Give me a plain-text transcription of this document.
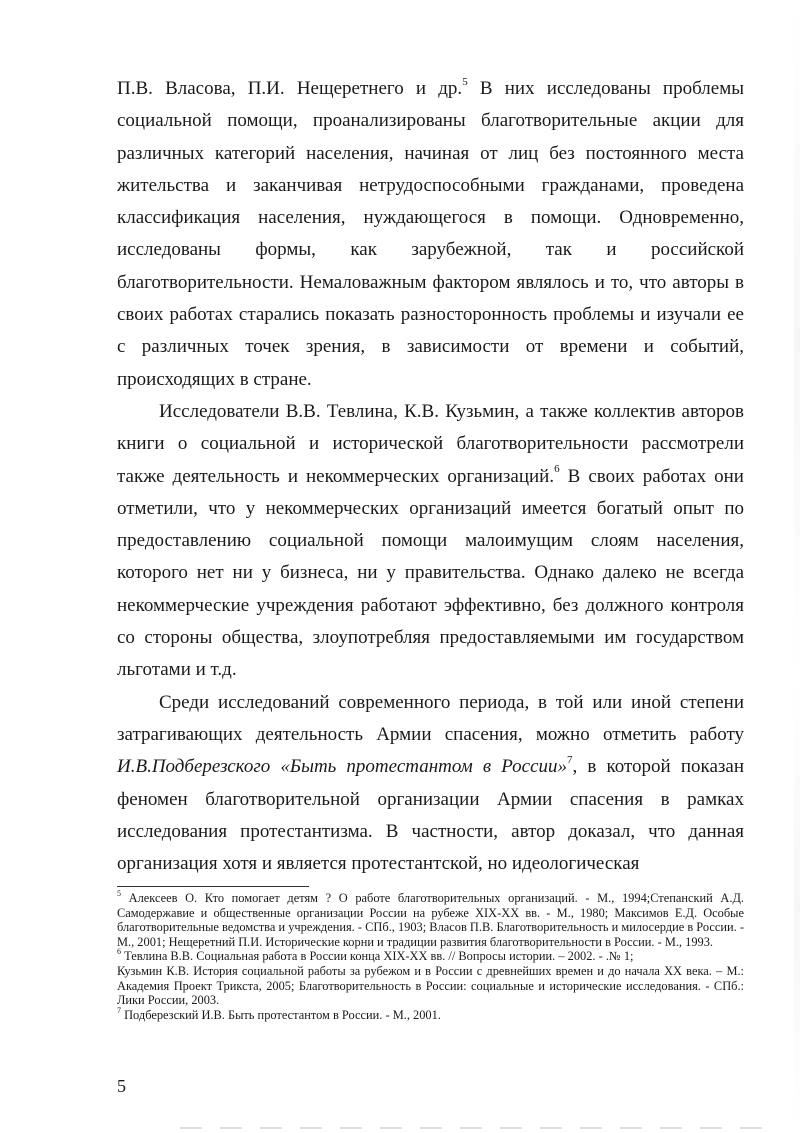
П.В. Власова, П.И. Нещеретнего и др.$^5$ В них исследованы проблемы социальной помощи, проанализированы благотворительные акции для различных категорий населения, начиная от лиц без постоянного места жительства и заканчивая нетрудоспособными гражданами, проведена классификация населения, нуждающегося в помощи. Одновременно, исследованы формы, как зарубежной, так и российской благотворительности. Немаловажным фактором являлось и то, что авторы в своих работах старались показать разносторонность проблемы и изучали ее с различных точек зрения, в зависимости от времени и событий, происходящих в стране.

Исследователи В.В. Тевлина, К.В. Кузьмин, а также коллектив авторов книги о социальной и исторической благотворительности рассмотрели также деятельность и некоммерческих организаций.$^6$ В своих работах они отметили, что у некоммерческих организаций имеется богатый опыт по предоставлению социальной помощи малоимущим слоям населения, которого нет ни у бизнеса, ни у правительства. Однако далеко не всегда некоммерческие учреждения работают эффективно, без должного контроля со стороны общества, злоупотребляя предоставляемыми им государством льготами и т.д.

Среди исследований современного периода, в той или иной степени затрагивающих деятельность Армии спасения, можно отметить работу И.В.Подберезского «Быть протестантом в России»$^7$, в которой показан феномен благотворительной организации Армии спасения в рамках исследования протестантизма. В частности, автор доказал, что данная организация хотя и является протестантской, но идеологическая

$^5$ Алексеев О. Кто помогает детям ? О работе благотворительных организаций. - М., 1994;Степанский А.Д. Самодержавие и общественные организации России на рубеже XIX-XX вв. - М., 1980; Максимов Е.Д. Особые благотворительные ведомства и учреждения. - СПб., 1903; Власов П.В. Благотворительность и милосердие в России. - М., 2001; Нещеретний П.И. Исторические корни и традиции развития благотворительности в России. - М., 1993.

$^6$ Тевлина В.В. Социальная работа в России конца XIX-XX вв. // Вопросы истории. – 2002. - .№ 1;

Кузьмин К.В. История социальной работы за рубежом и в России с древнейших времен и до начала XX века. – М.: Академия Проект Трикста, 2005; Благотворительность в России: социальные и исторические исследования. - СПб.: Лики России, 2003.

$^7$ Подберезский И.В. Быть протестантом в России. - М., 2001.

5
